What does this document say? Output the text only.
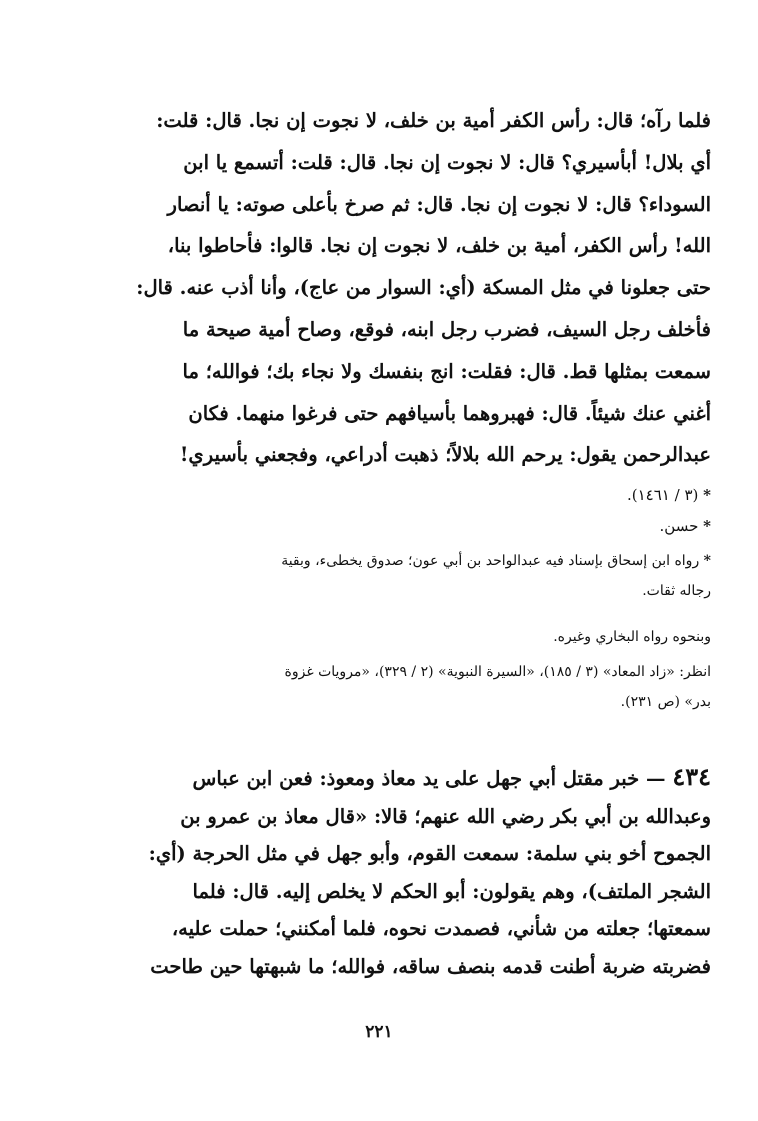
فلما رآه؛ قال: رأس الكفر أمية بن خلف، لا نجوت إن نجا. قال: قلت:
أي بلال! أبأسيري؟ قال: لا نجوت إن نجا. قال: قلت: أتسمع يا ابن
السوداء؟ قال: لا نجوت إن نجا. قال: ثم صرخ بأعلى صوته: يا أنصار
الله! رأس الكفر، أمية بن خلف، لا نجوت إن نجا. قالوا: فأحاطوا بنا،
حتى جعلونا في مثل المسكة (أي: السوار من عاج)، وأنا أذب عنه. قال:
فأخلف رجل السيف، فضرب رجل ابنه، فوقع، وصاح أمية صيحة ما
سمعت بمثلها قط. قال: فقلت: انج بنفسك ولا نجاء بك؛ فوالله؛ ما
أغني عنك شيئاً. قال: فهبروهما بأسيافهم حتى فرغوا منهما. فكان
عبدالرحمن يقول: يرحم الله بلالاً؛ ذهبت أدراعي، وفجعني بأسيري!
* (٣ / ١٤٦١).
* حسن.
* رواه ابن إسحاق بإسناد فيه عبدالواحد بن أبي عون؛ صدوق يخطىء، وبقية
رجاله ثقات.
وبنحوه رواه البخاري وغيره.
انظر: «زاد المعاد» (٣ / ١٨٥)، «السيرة النبوية» (٢ / ٣٢٩)، «مرويات غزوة
بدر» (ص ٢٣١).
٤٣٤ — خبر مقتل أبي جهل على يد معاذ ومعوذ: فعن ابن عباس
وعبدالله بن أبي بكر رضي الله عنهم؛ قالا: «قال معاذ بن عمرو بن
الجموح أخو بني سلمة: سمعت القوم، وأبو جهل في مثل الحرجة (أي:
الشجر الملتف)، وهم يقولون: أبو الحكم لا يخلص إليه. قال: فلما
سمعتها؛ جعلته من شأني، فصمدت نحوه، فلما أمكنني؛ حملت عليه،
فضربته ضربة أطنت قدمه بنصف ساقه، فوالله؛ ما شبهتها حين طاحت
٢٢١
